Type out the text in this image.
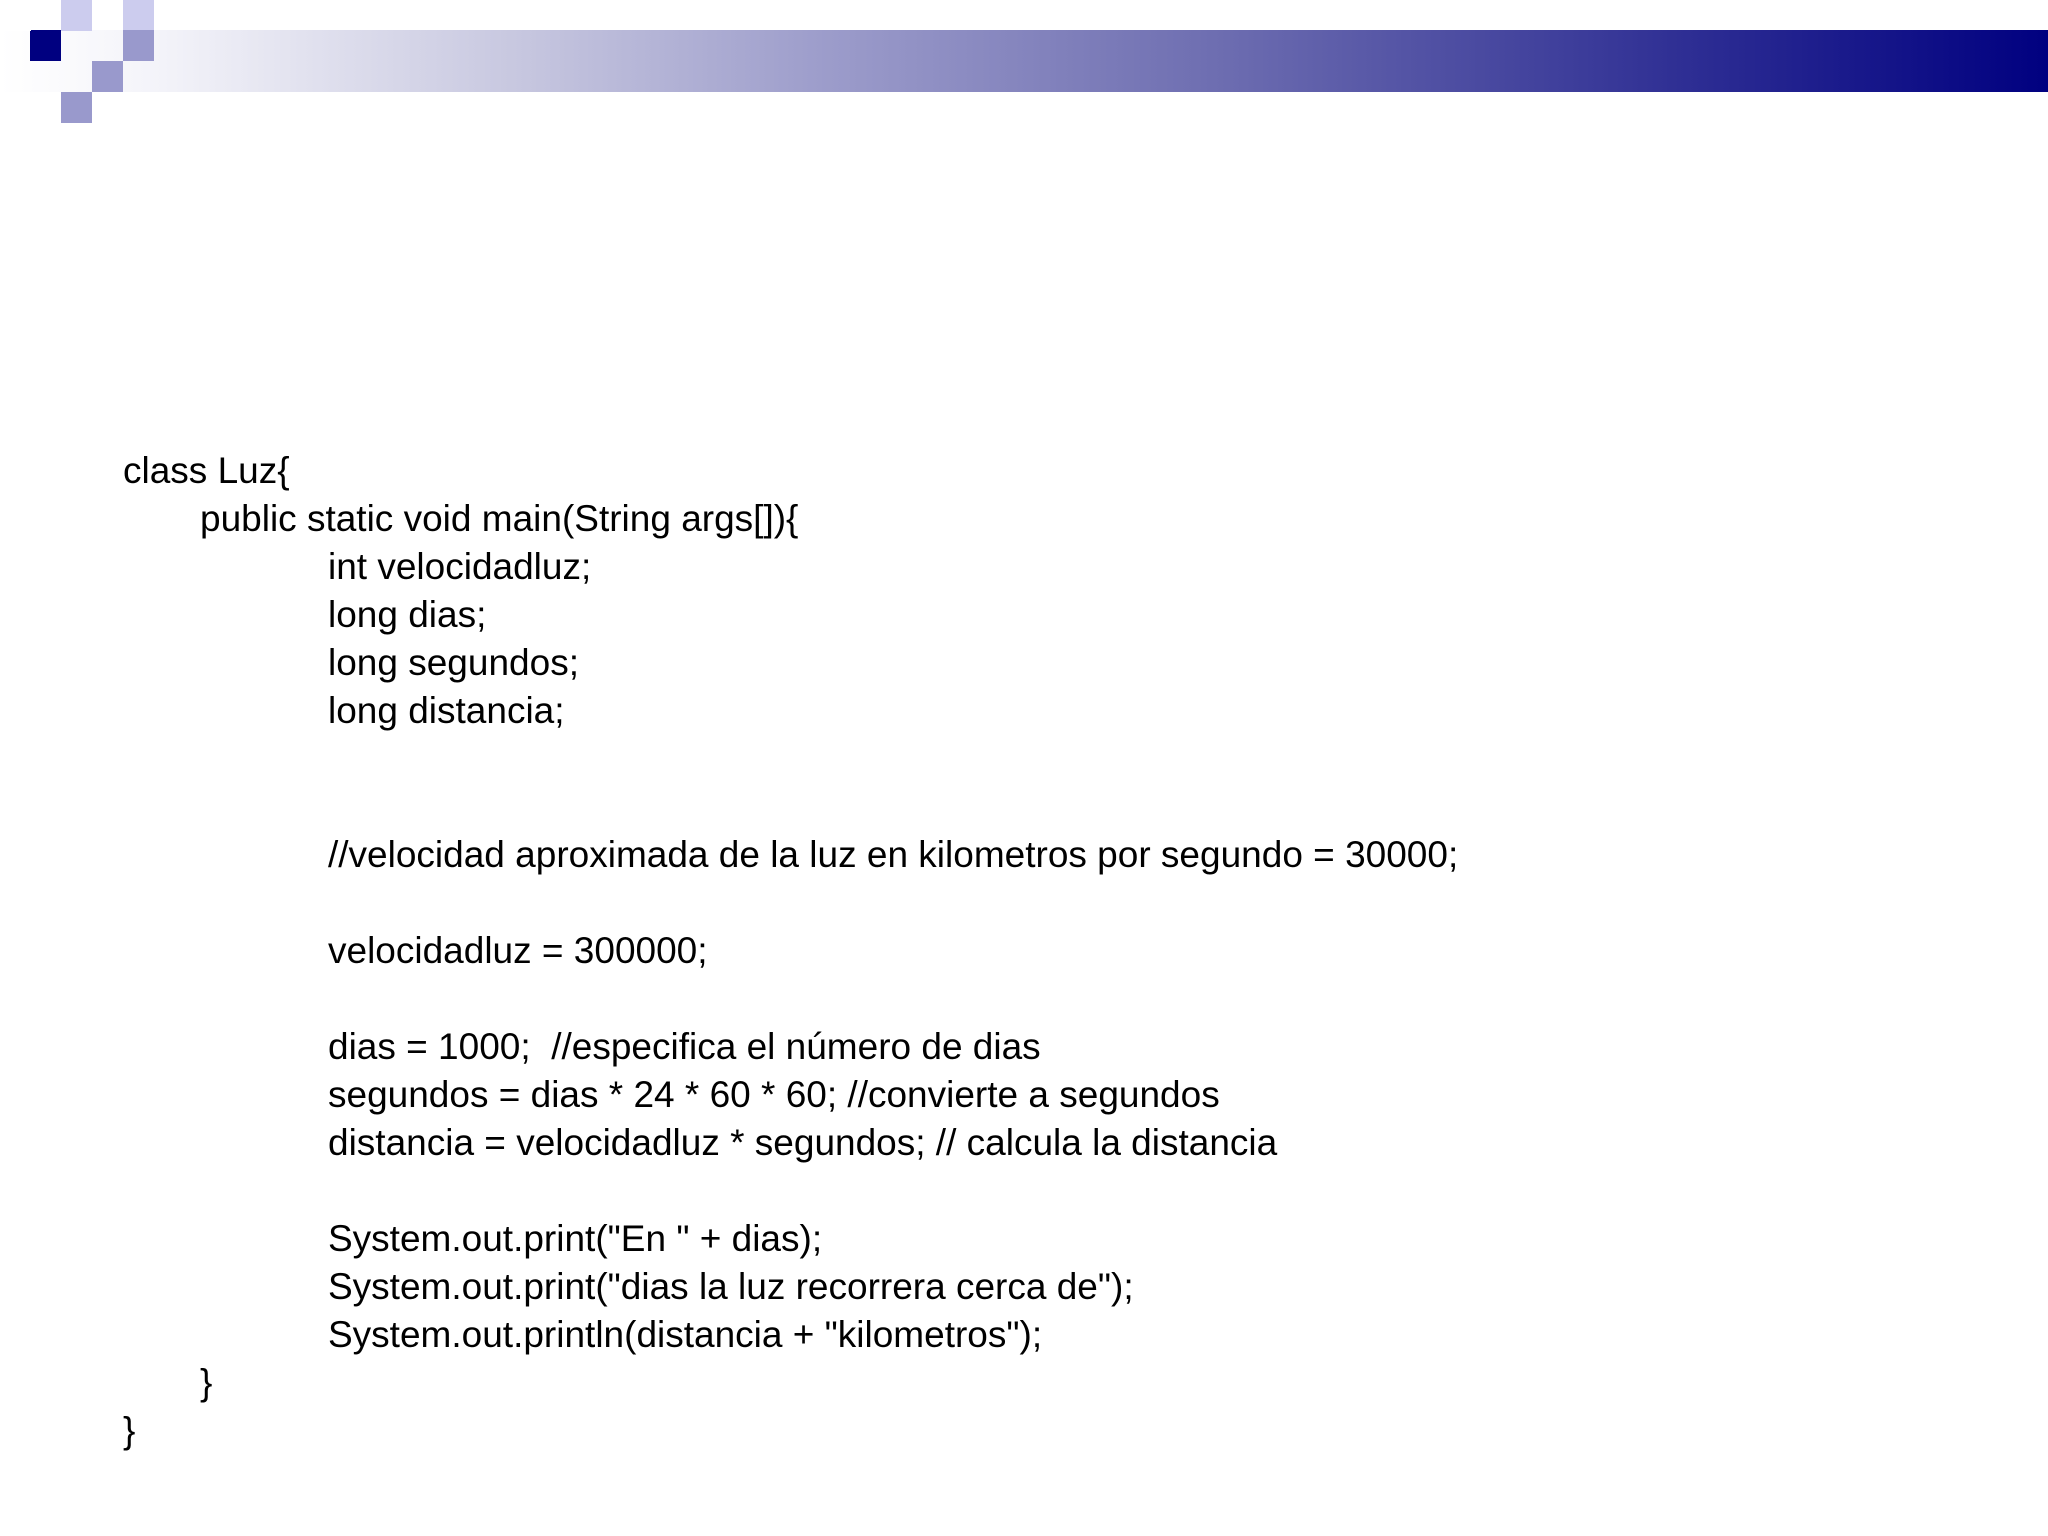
class Luz{
public static void main(String args[]){
int velocidadluz;
long dias;
long segundos;
long distancia;
//velocidad aproximada de la luz en kilometros por segundo = 30000;
velocidadluz = 300000;
dias = 1000;  //especifica el número de dias
segundos = dias * 24 * 60 * 60; //convierte a segundos
distancia = velocidadluz * segundos; // calcula la distancia
System.out.print("En " + dias);
System.out.print("dias la luz recorrera cerca de");
System.out.println(distancia + "kilometros");
}
}
